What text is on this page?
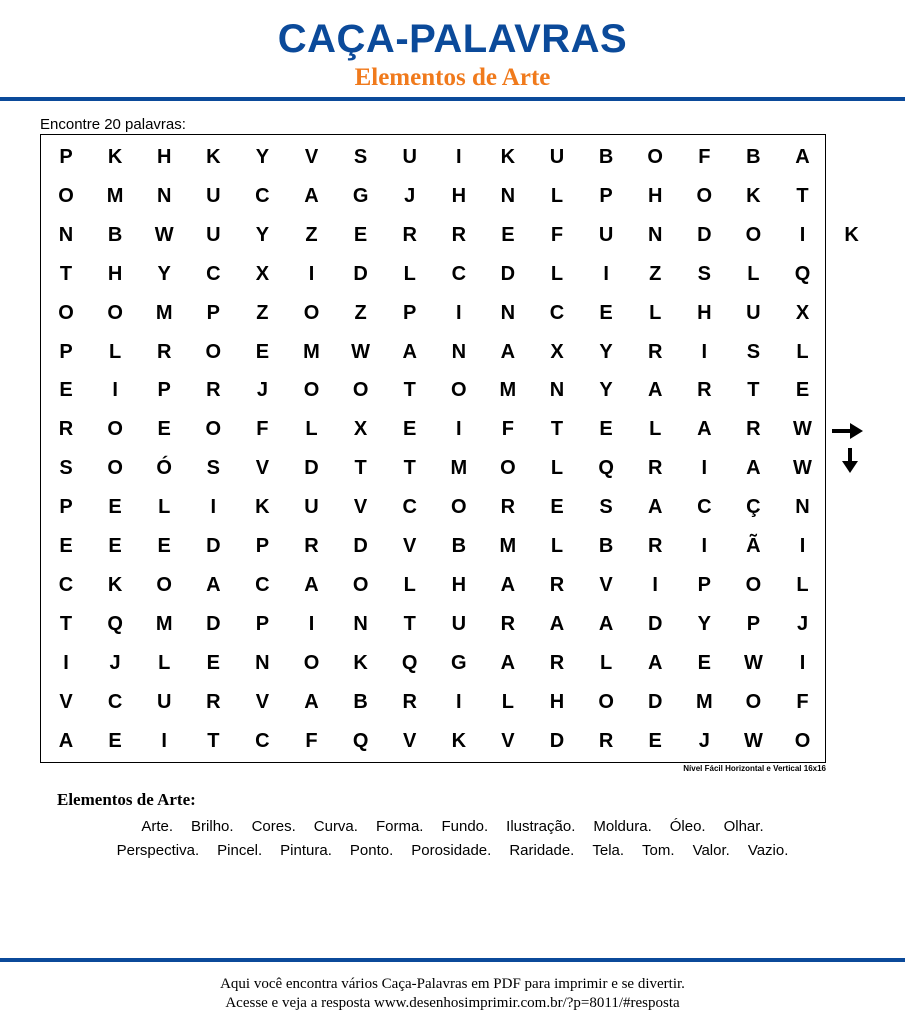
CAÇA-PALAVRAS
Elementos de Arte
Encontre 20 palavras:
P	K	H	K	Y	V	S	U	I	K	U	B	O	F	B	A
O	M	N	U	C	A	G	J	H	N	L	P	H	O	K	T
N	B	W	U	Y	Z	E	R	R	E	F	U	N	D	O	I	K
T	H	Y	C	X	I	D	L	C	D	L	I	Z	S	L	Q
O	O	M	P	Z	O	Z	P	I	N	C	E	L	H	U	X
P	L	R	O	E	M	W	A	N	A	X	Y	R	I	S	L
E	I	P	R	J	O	O	T	O	M	N	Y	A	R	T	E
R	O	E	O	F	L	X	E	I	F	T	E	L	A	R	W
S	O	Ó	S	V	D	T	T	M	O	L	Q	R	I	A	W
P	E	L	I	K	U	V	C	O	R	E	S	A	C	Ç	N
E	E	E	D	P	R	D	V	B	M	L	B	R	I	Ã	I
C	K	O	A	C	A	O	L	H	A	R	V	I	P	O	L
T	Q	M	D	P	I	N	T	U	R	A	A	D	Y	P	J
I	J	L	E	N	O	K	Q	G	A	R	L	A	E	W	I
V	C	U	R	V	A	B	R	I	L	H	O	D	M	O	F
A	E	I	T	C	F	Q	V	K	V	D	R	E	J	W	O
Nível Fácil Horizontal e Vertical 16x16
Elementos de Arte:
Arte. Brilho. Cores. Curva. Forma. Fundo. Ilustração. Moldura. Óleo. Olhar.
Perspectiva. Pincel. Pintura. Ponto. Porosidade. Raridade. Tela. Tom. Valor. Vazio.
Aqui você encontra vários Caça-Palavras em PDF para imprimir e se divertir.
Acesse e veja a resposta www.desenhosimprimir.com.br/?p=8011/#resposta
